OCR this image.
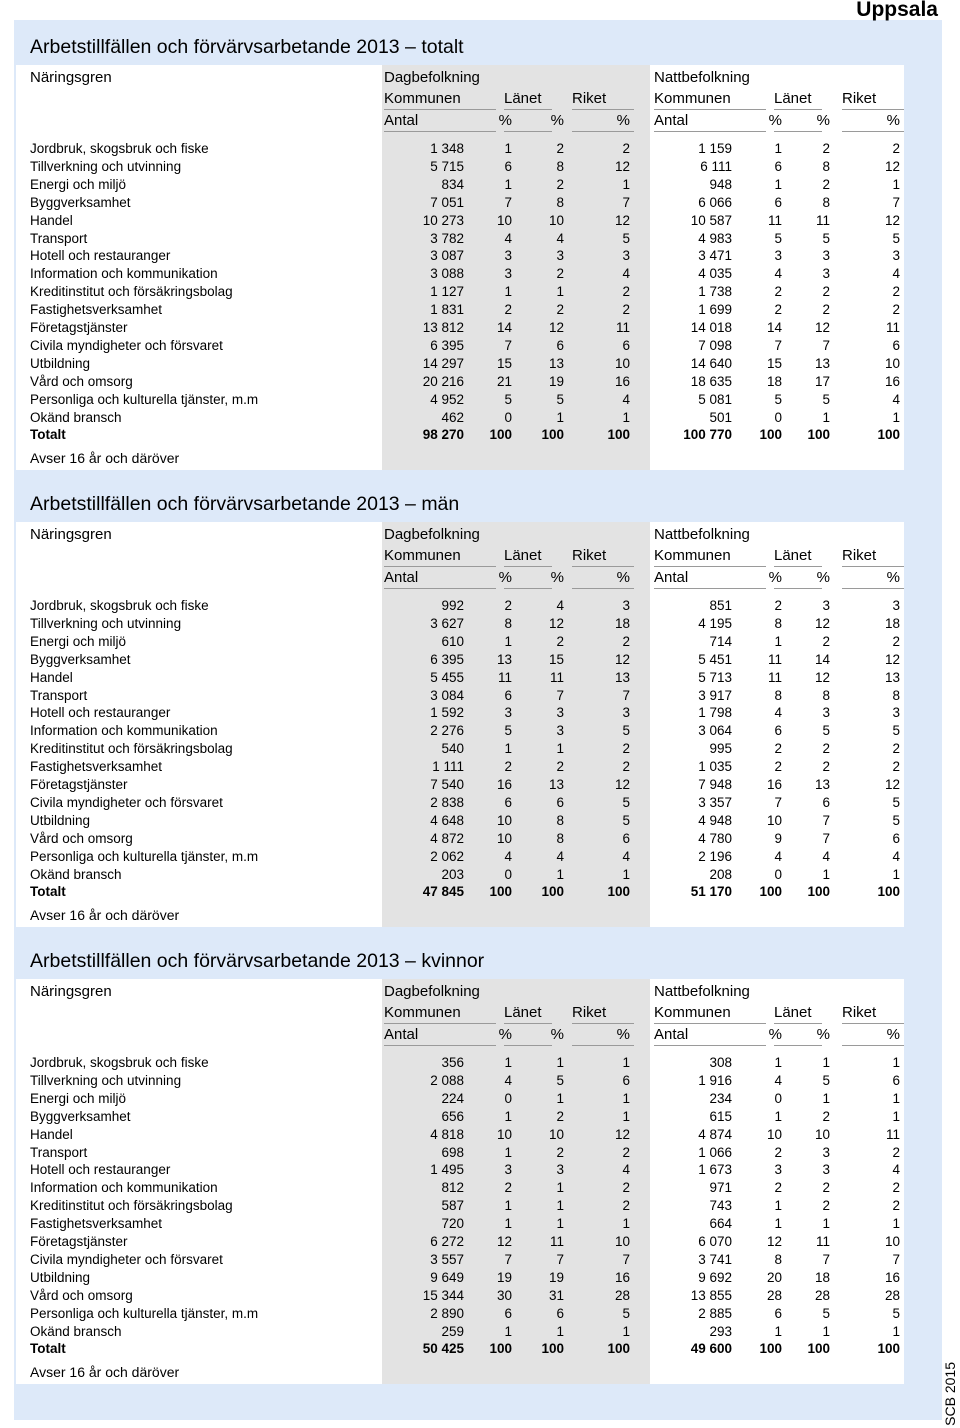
Uppsala
SCB 2015
Arbetstillfällen och förvärvsarbetande 2013 – totalt
Näringsgren	Dagbefolkning	Nattbefolkning
Kommunen	Länet Riket	Kommunen	Länet Riket
Antal	%	%	% Antal	%	%	%
Jordbruk, skogsbruk och fiske	1 348	1	2	2	1 159	1	2	2
Tillverkning och utvinning	5 715	6	8	12	6 111	6	8	12
Energi och miljö	834	1	2	1	948	1	2	1
Byggverksamhet	7 051	7	8	7	6 066	6	8	7
Handel	10 273	10	10	12	10 587	11	11	12
Transport	3 782	4	4	5	4 983	5	5	5
Hotell och restauranger	3 087	3	3	3	3 471	3	3	3
Information och kommunikation	3 088	3	2	4	4 035	4	3	4
Kreditinstitut och försäkringsbolag	1 127	1	1	2	1 738	2	2	2
Fastighetsverksamhet	1 831	2	2	2	1 699	2	2	2
Företagstjänster	13 812	14	12	11	14 018	14	12	11
Civila myndigheter och försvaret	6 395	7	6	6	7 098	7	7	6
Utbildning	14 297	15	13	10	14 640	15	13	10
Vård och omsorg	20 216	21	19	16	18 635	18	17	16
Personliga och kulturella tjänster, m.m	4 952	5	5	4	5 081	5	5	4
Okänd bransch	462	0	1	1	501	0	1	1
Totalt	98 270	100	100	100	100 770	100	100	100
Avser 16 år och däröver
Arbetstillfällen och förvärvsarbetande 2013 – män
Näringsgren	Dagbefolkning	Nattbefolkning
Kommunen	Länet Riket	Kommunen	Länet Riket
Antal	%	%	% Antal	%	%	%
Jordbruk, skogsbruk och fiske	992	2	4	3	851	2	3	3
Tillverkning och utvinning	3 627	8	12	18	4 195	8	12	18
Energi och miljö	610	1	2	2	714	1	2	2
Byggverksamhet	6 395	13	15	12	5 451	11	14	12
Handel	5 455	11	11	13	5 713	11	12	13
Transport	3 084	6	7	7	3 917	8	8	8
Hotell och restauranger	1 592	3	3	3	1 798	4	3	3
Information och kommunikation	2 276	5	3	5	3 064	6	5	5
Kreditinstitut och försäkringsbolag	540	1	1	2	995	2	2	2
Fastighetsverksamhet	1 111	2	2	2	1 035	2	2	2
Företagstjänster	7 540	16	13	12	7 948	16	13	12
Civila myndigheter och försvaret	2 838	6	6	5	3 357	7	6	5
Utbildning	4 648	10	8	5	4 948	10	7	5
Vård och omsorg	4 872	10	8	6	4 780	9	7	6
Personliga och kulturella tjänster, m.m	2 062	4	4	4	2 196	4	4	4
Okänd bransch	203	0	1	1	208	0	1	1
Totalt	47 845	100	100	100	51 170	100	100	100
Avser 16 år och däröver
Arbetstillfällen och förvärvsarbetande 2013 – kvinnor
Näringsgren	Dagbefolkning	Nattbefolkning
Kommunen	Länet Riket	Kommunen	Länet Riket
Antal	%	%	% Antal	%	%	%
Jordbruk, skogsbruk och fiske	356	1	1	1	308	1	1	1
Tillverkning och utvinning	2 088	4	5	6	1 916	4	5	6
Energi och miljö	224	0	1	1	234	0	1	1
Byggverksamhet	656	1	2	1	615	1	2	1
Handel	4 818	10	10	12	4 874	10	10	11
Transport	698	1	2	2	1 066	2	3	2
Hotell och restauranger	1 495	3	3	4	1 673	3	3	4
Information och kommunikation	812	2	1	2	971	2	2	2
Kreditinstitut och försäkringsbolag	587	1	1	2	743	1	2	2
Fastighetsverksamhet	720	1	1	1	664	1	1	1
Företagstjänster	6 272	12	11	10	6 070	12	11	10
Civila myndigheter och försvaret	3 557	7	7	7	3 741	8	7	7
Utbildning	9 649	19	19	16	9 692	20	18	16
Vård och omsorg	15 344	30	31	28	13 855	28	28	28
Personliga och kulturella tjänster, m.m	2 890	6	6	5	2 885	6	5	5
Okänd bransch	259	1	1	1	293	1	1	1
Totalt	50 425	100	100	100	49 600	100	100	100
Avser 16 år och däröver
